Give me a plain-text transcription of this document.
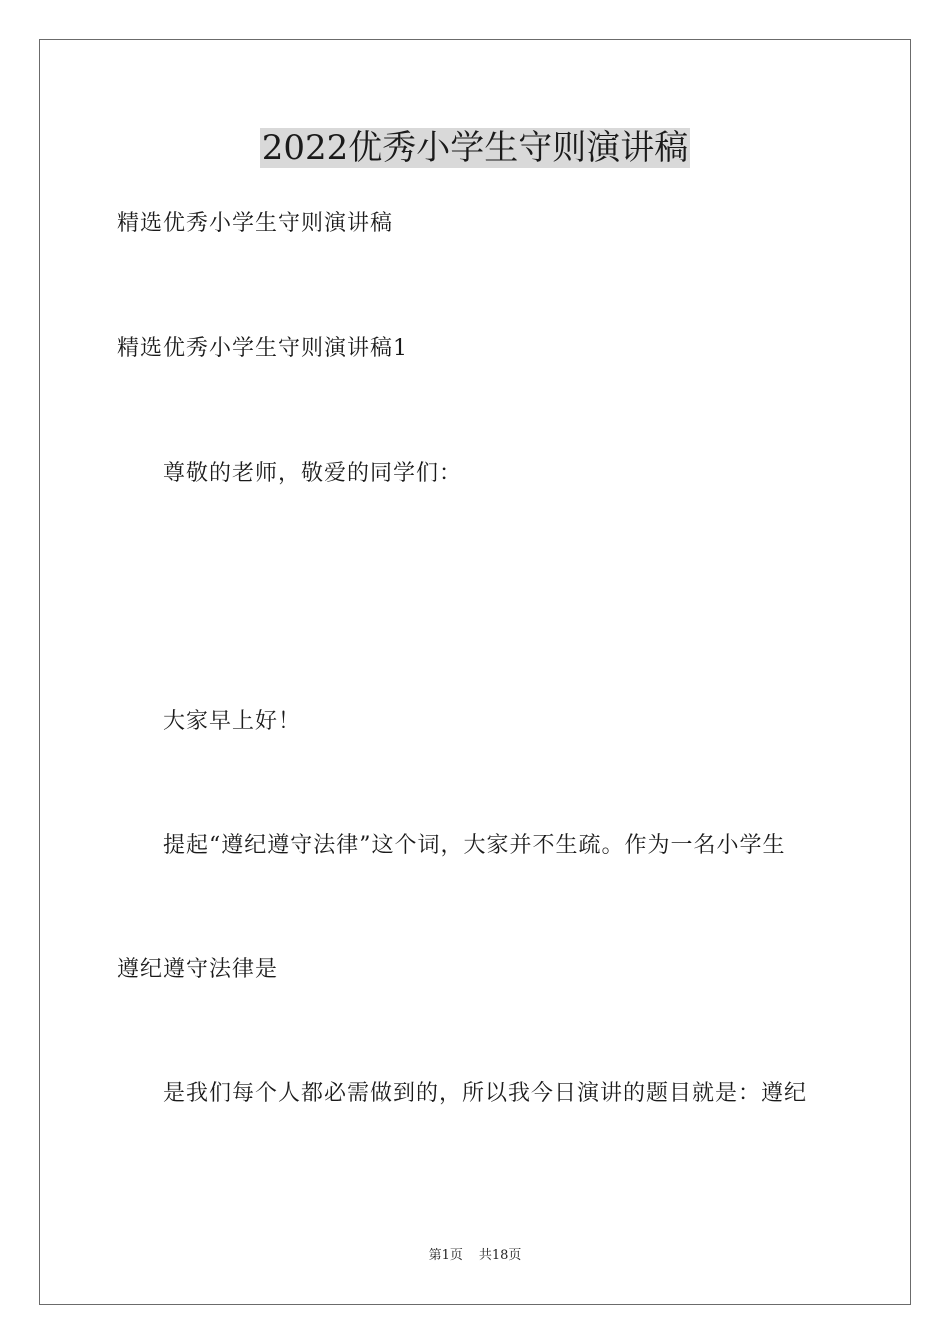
2022优秀小学生守则演讲稿
精选优秀小学生守则演讲稿
精选优秀小学生守则演讲稿1
尊敬的老师，敬爱的同学们：
大家早上好！
提起“遵纪遵守法律”这个词，大家并不生疏。作为一名小学生
遵纪遵守法律是
是我们每个人都必需做到的，所以我今日演讲的题目就是：遵纪
第1页 共18页
